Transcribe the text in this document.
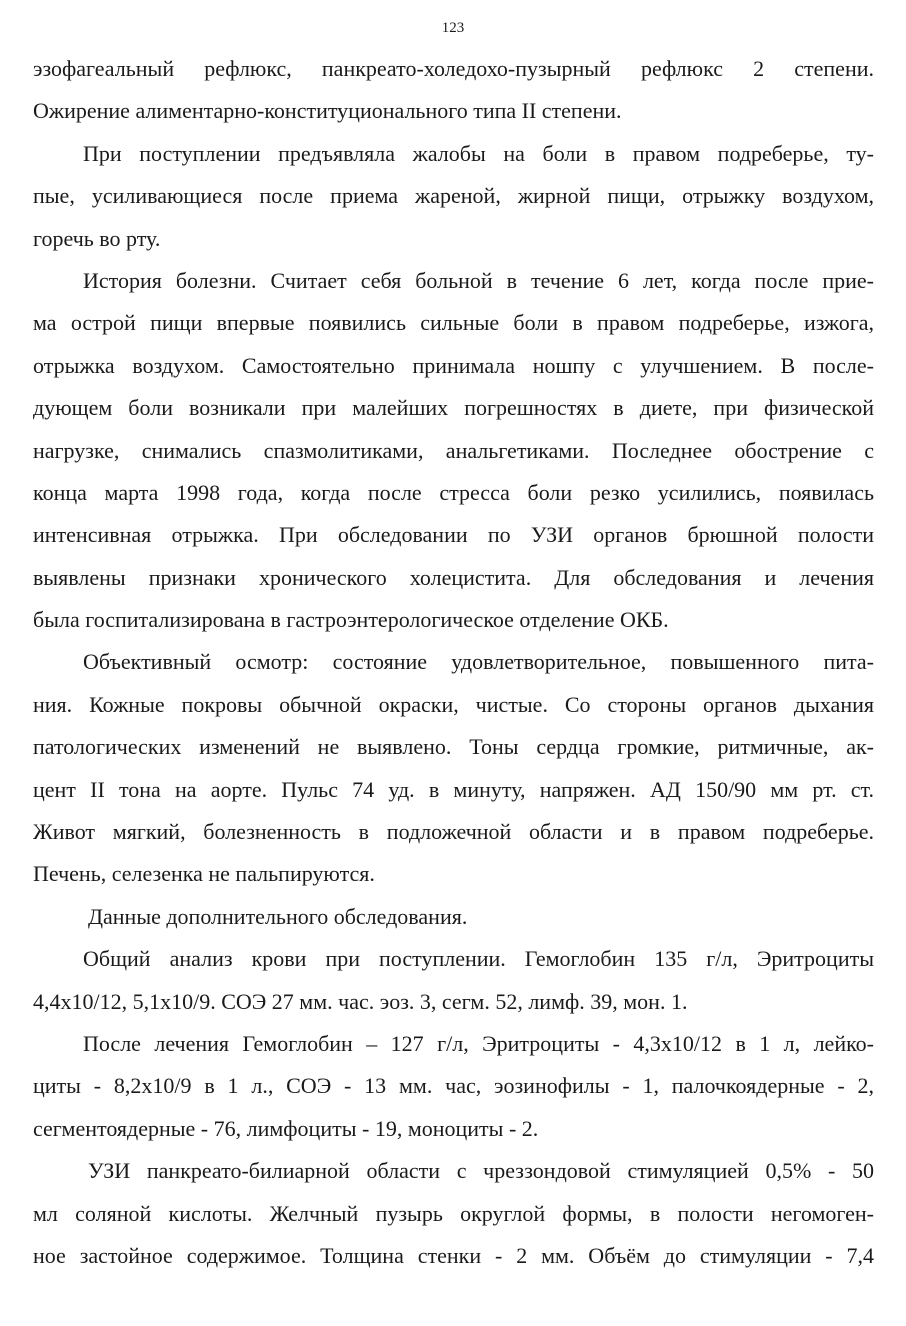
123
эзофагеальный рефлюкс, панкреато-холедохо-пузырный рефлюкс 2 степени.
Ожирение алиментарно-конституционального типа II степени.
При поступлении предъявляла жалобы на боли в правом подреберье, ту-
пые, усиливающиеся после приема жареной, жирной пищи, отрыжку воздухом,
горечь во рту.
История болезни. Считает себя больной в течение 6 лет, когда после прие-
ма острой пищи впервые появились сильные боли в правом подреберье, изжога,
отрыжка воздухом. Самостоятельно принимала ношпу с улучшением. В после-
дующем боли возникали при малейших погрешностях в диете, при физической
нагрузке, снимались спазмолитиками, анальгетиками. Последнее обострение с
конца марта 1998 года, когда после стресса боли резко усилились, появилась
интенсивная отрыжка. При обследовании по УЗИ органов брюшной полости
выявлены признаки хронического холецистита. Для обследования и лечения
была госпитализирована в гастроэнтерологическое отделение ОКБ.
Объективный осмотр: состояние удовлетворительное, повышенного пита-
ния. Кожные покровы обычной окраски, чистые. Со стороны органов дыхания
патологических изменений не выявлено. Тоны сердца громкие, ритмичные, ак-
цент II тона на аорте. Пульс 74 уд. в минуту, напряжен. АД 150/90 мм рт. ст.
Живот мягкий, болезненность в подложечной области и в правом подреберье.
Печень, селезенка не пальпируются.
Данные дополнительного обследования.
Общий анализ крови при поступлении. Гемоглобин 135 г/л, Эритроциты
4,4х10/12, 5,1х10/9. СОЭ 27 мм. час. эоз. 3, сегм. 52, лимф. 39, мон. 1.
После лечения Гемоглобин – 127 г/л, Эритроциты - 4,3х10/12 в 1 л, лейко-
циты - 8,2х10/9 в 1 л., СОЭ - 13 мм. час, эозинофилы - 1, палочкоядерные - 2,
сегментоядерные - 76, лимфоциты - 19, моноциты - 2.
УЗИ панкреато-билиарной области с чреззондовой стимуляцией 0,5% - 50
мл соляной кислоты. Желчный пузырь округлой формы, в полости негомоген-
ное застойное содержимое. Толщина стенки - 2 мм. Объём до стимуляции - 7,4
